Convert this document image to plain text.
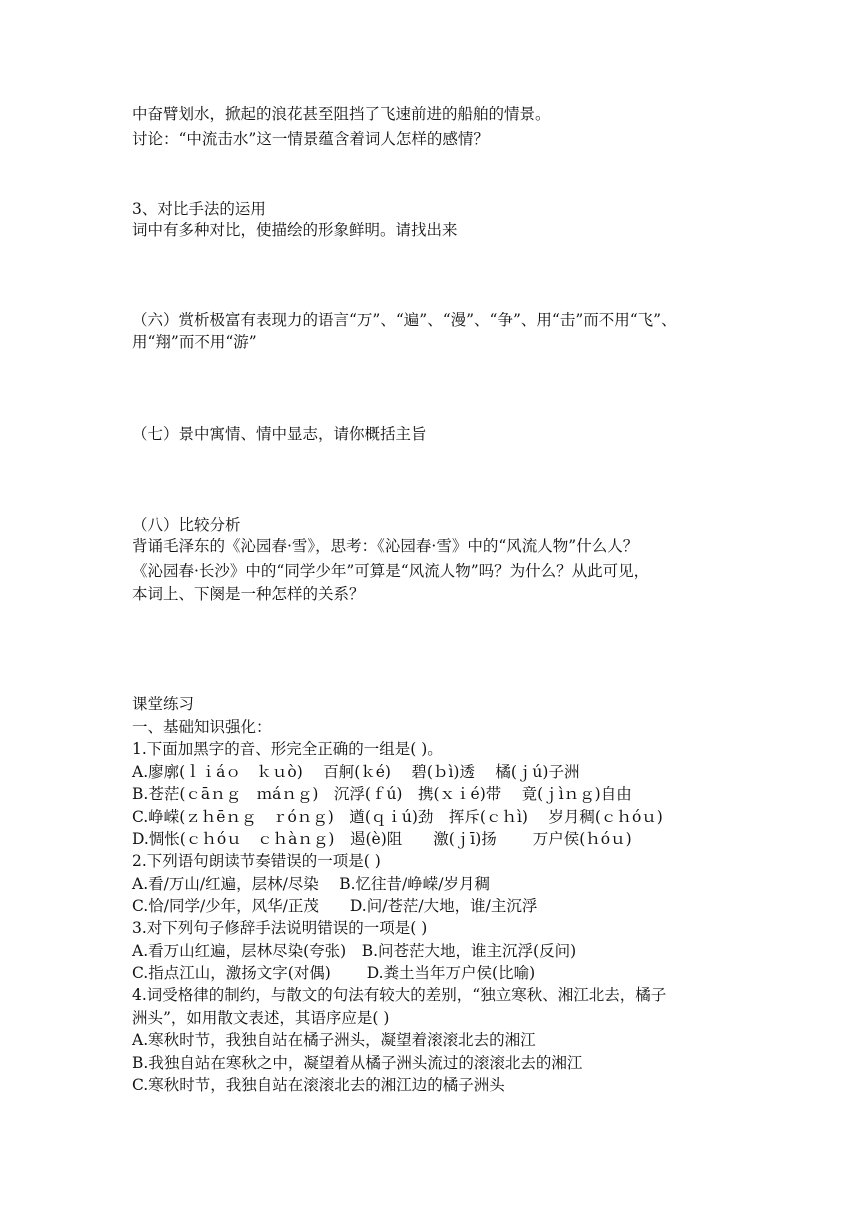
中奋臂划水，掀起的浪花甚至阻挡了飞速前进的船舶的情景。
讨论：“中流击水”这一情景蕴含着词人怎样的感情？
3、对比手法的运用
词中有多种对比，使描绘的形象鲜明。请找出来
（六）赏析极富有表现力的语言“万”、“遍”、“漫”、“争”、用“击”而不用“飞”、
用“翔”而不用“游”
（七）景中寓情、情中显志，请你概括主旨
（八）比较分析
背诵毛泽东的《沁园春·雪》，思考：《沁园春·雪》中的“风流人物”什么人？
《沁园春·长沙》中的“同学少年”可算是“风流人物”吗？为什么？从此可见，
本词上、下阕是一种怎样的关系？
课堂练习
一、基础知识强化：
1.下面加黑字的音、形完全正确的一组是( )。
A.廖廓(ｌｉáｏ　ｋｕò)　 百舸(ｋé)　 碧(ｂì)透　 橘(ｊú)子洲
B.苍茫(ｃāｎｇ　ｍáｎｇ)　沉浮(ｆú)　携(ｘｉé)带　 竟(ｊìｎｇ)自由
C.峥嵘(ｚｈēｎｇ　ｒóｎｇ)　遒(ｑｉú)劲　挥斥(ｃｈì)　 岁月稠(ｃｈóｕ)
D.惆怅(ｃｈóｕ　ｃｈàｎｇ)　遏(è)阻　　激(ｊī)扬　　 万户侯(ｈóｕ)
2.下列语句朗读节奏错误的一项是( )
A.看/万山/红遍，层林/尽染　 B.忆往昔/峥嵘/岁月稠
C.恰/同学/少年，风华/正茂　　D.问/苍茫/大地，谁/主沉浮
3.对下列句子修辞手法说明错误的一项是( )
A.看万山红遍，层林尽染(夸张)　B.问苍茫大地，谁主沉浮(反问)
C.指点江山，激扬文字(对偶)　　 D.粪土当年万户侯(比喻)
4.词受格律的制约，与散文的句法有较大的差别，“独立寒秋、湘江北去，橘子
洲头”，如用散文表述，其语序应是( )
A.寒秋时节，我独自站在橘子洲头，凝望着滚滚北去的湘江
B.我独自站在寒秋之中，凝望着从橘子洲头流过的滚滚北去的湘江
C.寒秋时节，我独自站在滚滚北去的湘江边的橘子洲头
